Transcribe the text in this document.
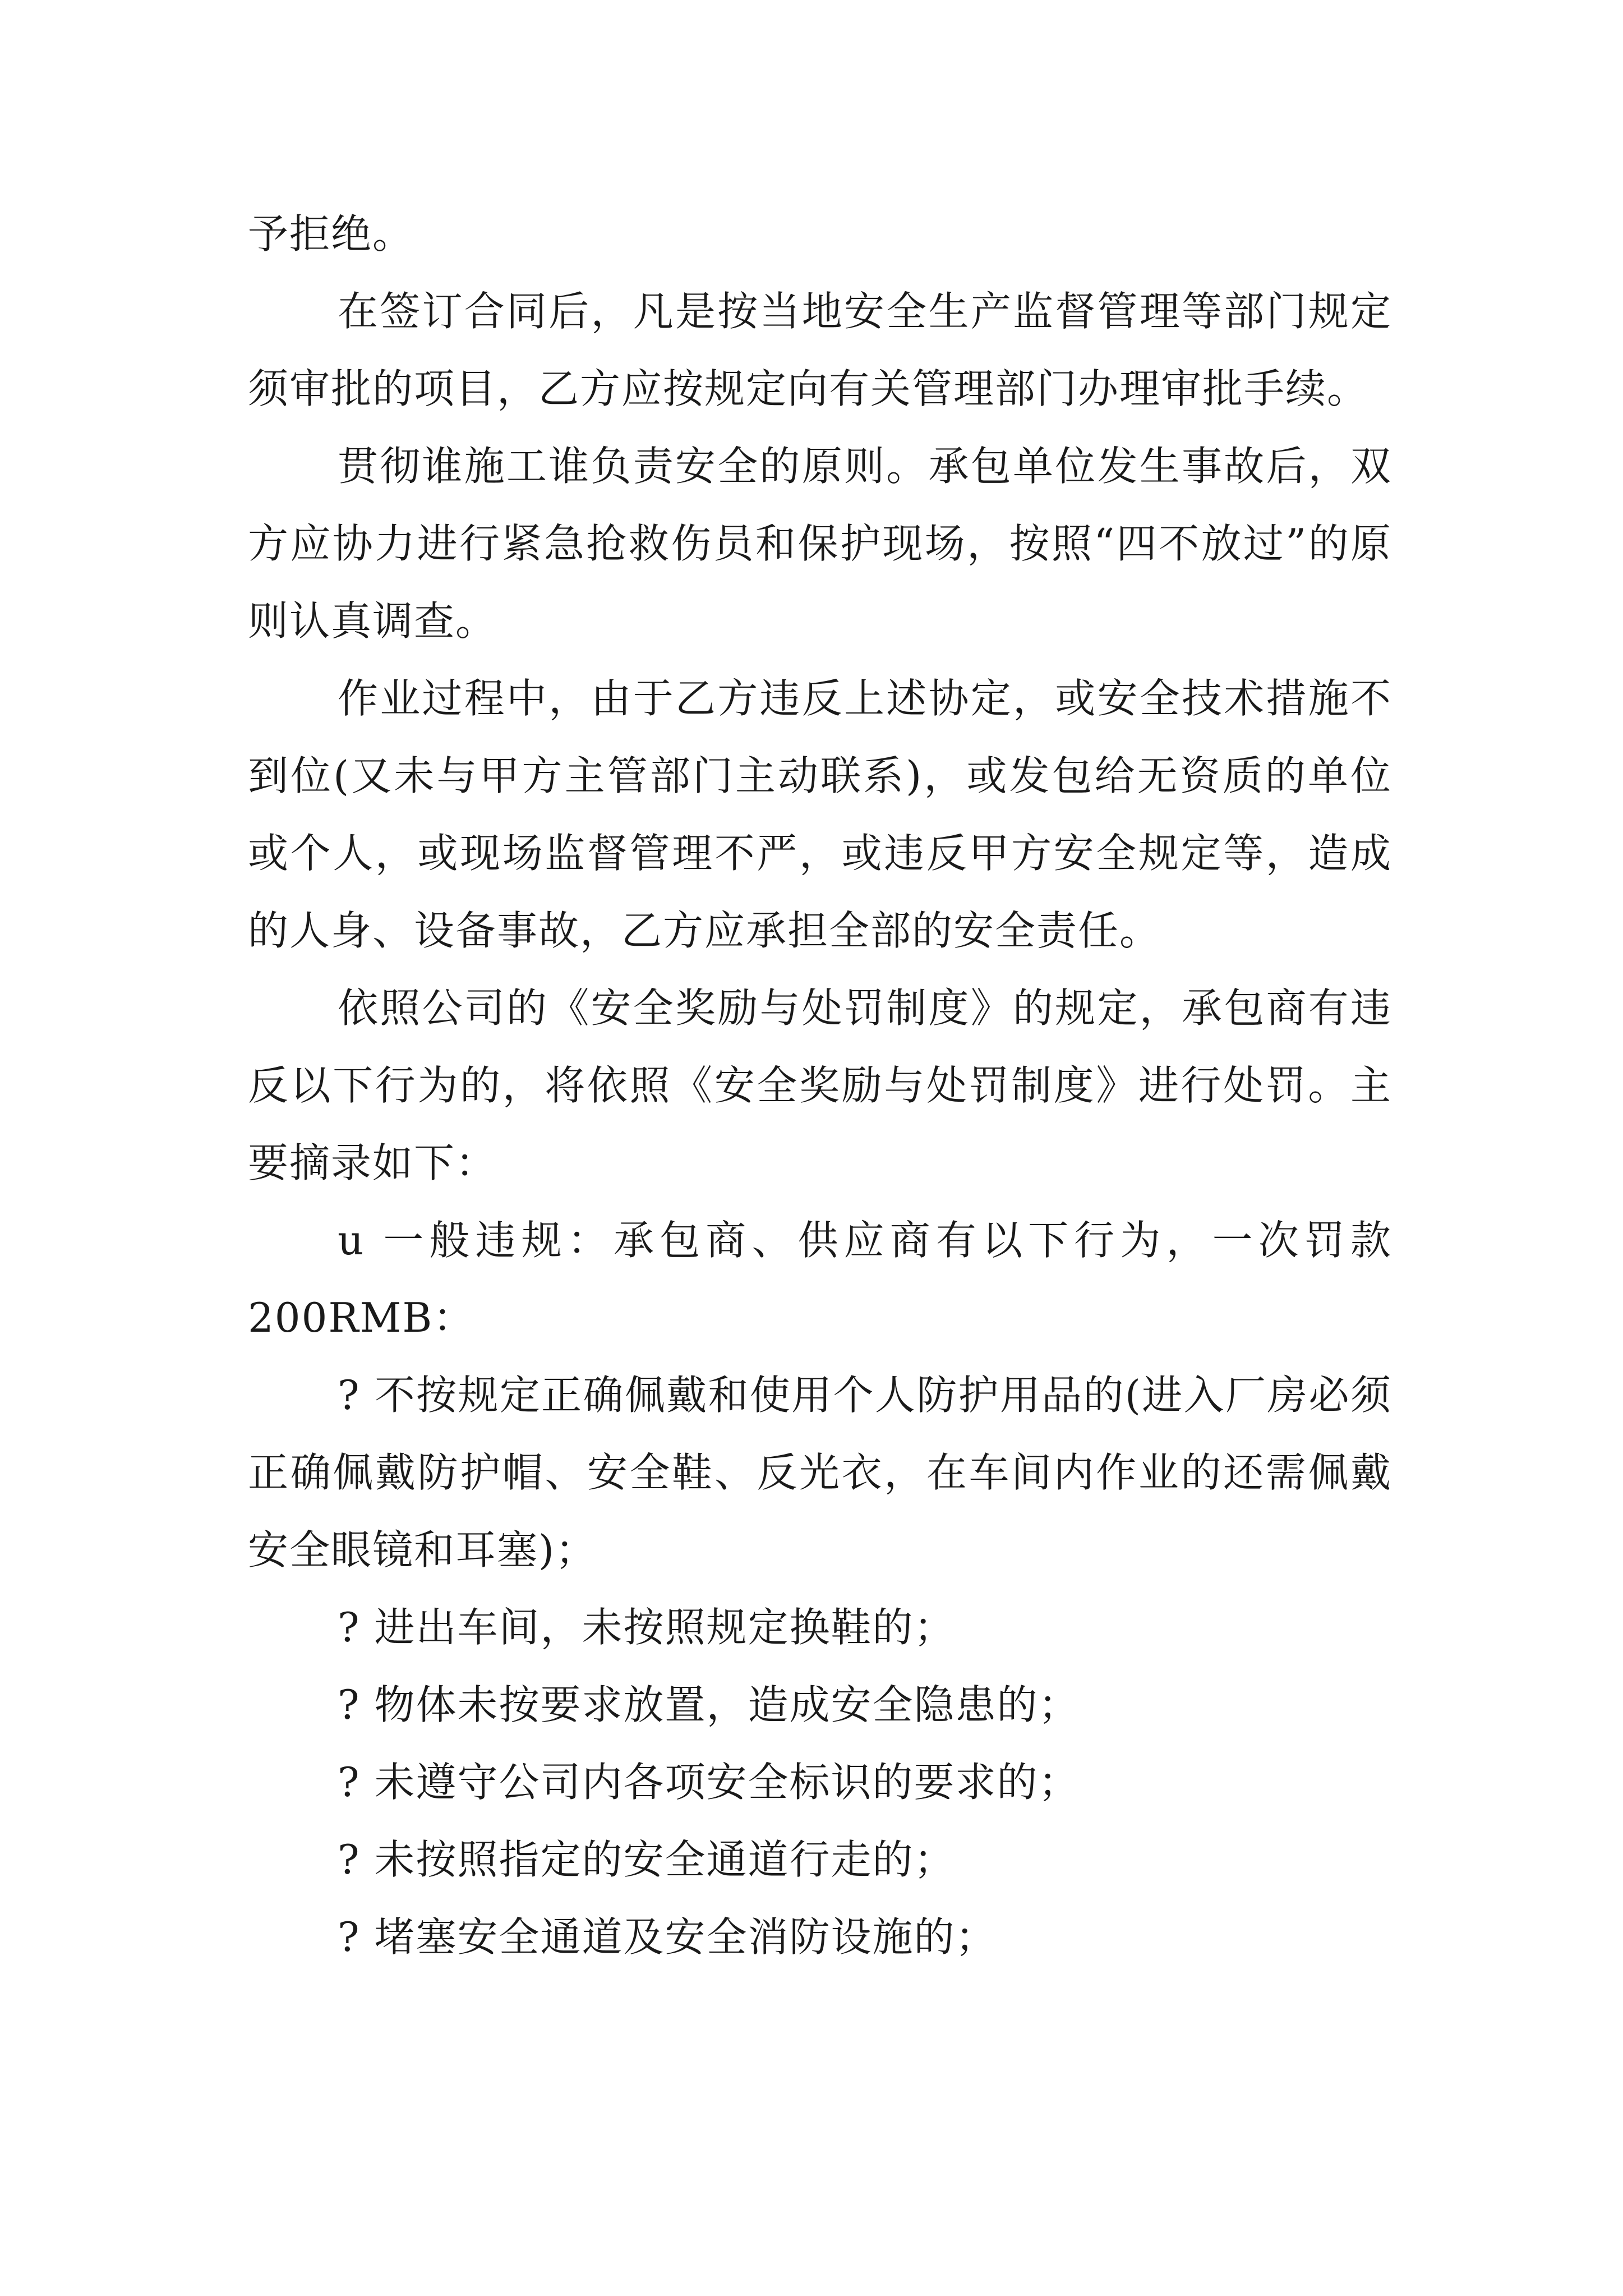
予拒绝。

在签订合同后，凡是按当地安全生产监督管理等部门规定须审批的项目，乙方应按规定向有关管理部门办理审批手续。

贯彻谁施工谁负责安全的原则。承包单位发生事故后，双方应协力进行紧急抢救伤员和保护现场，按照“四不放过”的原则认真调查。

作业过程中，由于乙方违反上述协定，或安全技术措施不到位(又未与甲方主管部门主动联系)，或发包给无资质的单位或个人，或现场监督管理不严，或违反甲方安全规定等，造成的人身、设备事故，乙方应承担全部的安全责任。

依照公司的《安全奖励与处罚制度》的规定，承包商有违反以下行为的，将依照《安全奖励与处罚制度》进行处罚。主要摘录如下：

u 一般违规：承包商、供应商有以下行为，一次罚款200RMB：

? 不按规定正确佩戴和使用个人防护用品的(进入厂房必须正确佩戴防护帽、安全鞋、反光衣，在车间内作业的还需佩戴安全眼镜和耳塞)；

? 进出车间，未按照规定换鞋的；

? 物体未按要求放置，造成安全隐患的；

? 未遵守公司内各项安全标识的要求的；

? 未按照指定的安全通道行走的；

? 堵塞安全通道及安全消防设施的；
